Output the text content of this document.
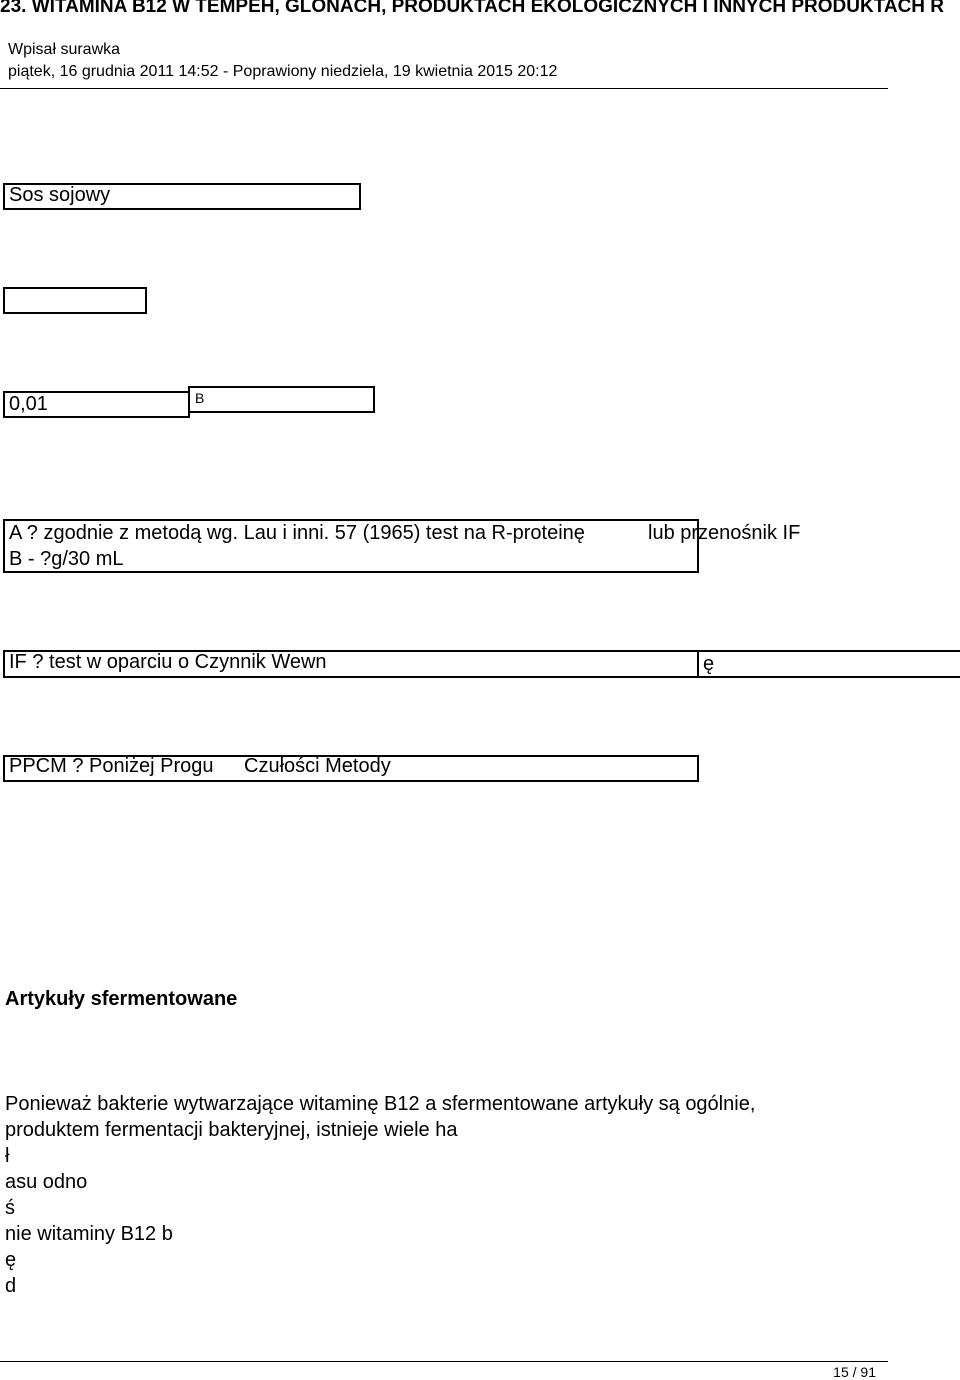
23. WITAMINA B12 W TEMPEH, GLONACH, PRODUKTACH EKOLOGICZNYCH I INNYCH PRODUKTACH R
Wpisał surawka
piątek, 16 grudnia 2011 14:52 - Poprawiony niedziela, 19 kwietnia 2015 20:12
Sos sojowy
0,01	B
A ? zgodnie z metodą wg. Lau i inni. 57 (1965) test na R-proteinę	lub przenośnik IF
B - ?g/30 mL
IF ? test w oparciu o Czynnik Wewn	ę
PPCM ? Poniżej Progu Czułości Metody
Artykuły sfermentowane
Ponieważ bakterie wytwarzające witaminę B12 a sfermentowane artykuły są ogólnie,
produktem fermentacji bakteryjnej, istnieje wiele ha
ł
asu odno
ś
nie witaminy B12 b
ę
d
15 / 91
